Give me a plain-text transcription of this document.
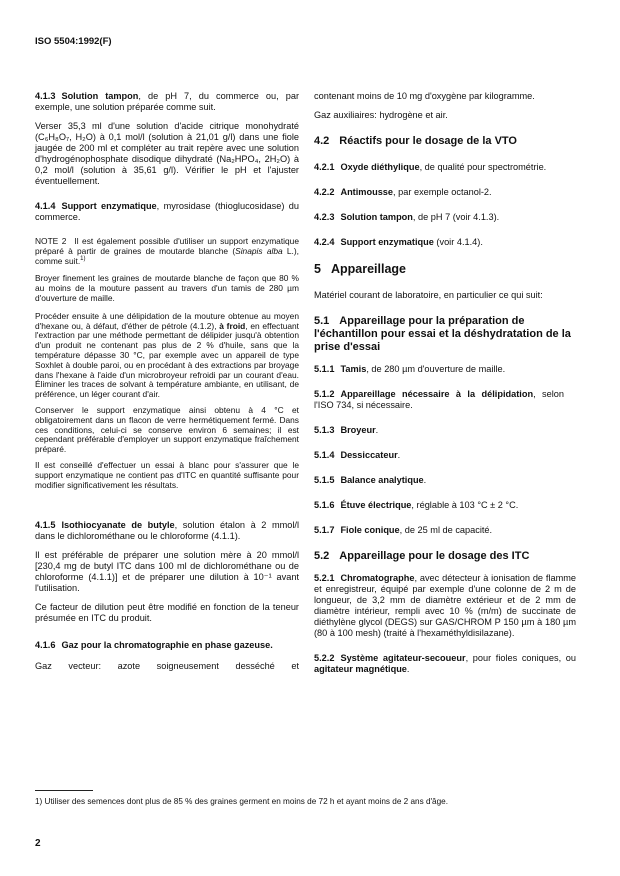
ISO 5504:1992(F)
4.1.3 Solution tampon, de pH 7, du commerce ou, par exemple, une solution préparée comme suit.
Verser 35,3 ml d'une solution d'acide citrique monohydraté (C₆H₈O₇, H₂O) à 0,1 mol/l (solution à 21,01 g/l) dans une fiole jaugée de 200 ml et compléter au trait repère avec une solution d'hydrogénophosphate disodique dihydraté (Na₂HPO₄, 2H₂O) à 0,2 mol/l (solution à 35,61 g/l). Vérifier le pH et l'ajuster éventuellement.
4.1.4 Support enzymatique, myrosidase (thioglucosidase) du commerce.
NOTE 2 Il est également possible d'utiliser un support enzymatique préparé à partir de graines de moutarde blanche (Sinapis alba L.), comme suit.$^{1)}$
Broyer finement les graines de moutarde blanche de façon que 80 % au moins de la mouture passent au travers d'un tamis de 280 µm d'ouverture de maille.
Procéder ensuite à une délipidation de la mouture obtenue au moyen d'hexane ou, à défaut, d'éther de pétrole (4.1.2), à froid, en effectuant l'extraction par une méthode permettant de délipider jusqu'à obtention d'un produit ne contenant pas plus de 2 % d'huile, sans que la température dépasse 30 °C, par exemple avec un appareil de type Soxhlet à double paroi, ou en procédant à des extractions par broyage dans l'hexane à l'aide d'un microbroyeur refroidi par un courant d'eau. Éliminer les traces de solvant à température ambiante, en utilisant, de préférence, un léger courant d'air.
Conserver le support enzymatique ainsi obtenu à 4 °C et obligatoirement dans un flacon de verre hermétiquement fermé. Dans ces conditions, celui-ci se conserve environ 6 semaines; il est cependant préférable d'employer un support enzymatique fraîchement préparé.
Il est conseillé d'effectuer un essai à blanc pour s'assurer que le support enzymatique ne contient pas d'ITC en quantité suffisante pour modifier significativement les résultats.
4.1.5 Isothiocyanate de butyle, solution étalon à 2 mmol/l dans le dichlorométhane ou le chloroforme (4.1.1).
Il est préférable de préparer une solution mère à 20 mmol/l [230,4 mg de butyl ITC dans 100 ml de dichlorométhane ou de chloroforme (4.1.1)] et de préparer une dilution à 10⁻¹ avant l'utilisation.
Ce facteur de dilution peut être modifié en fonction de la teneur présumée en ITC du produit.
4.1.6 Gaz pour la chromatographie en phase gazeuse.
Gaz vecteur: azote soigneusement desséché et
contenant moins de 10 mg d'oxygène par kilogramme.
Gaz auxiliaires: hydrogène et air.
4.2 Réactifs pour le dosage de la VTO
4.2.1 Oxyde diéthylique, de qualité pour spectrométrie.
4.2.2 Antimousse, par exemple octanol-2.
4.2.3 Solution tampon, de pH 7 (voir 4.1.3).
4.2.4 Support enzymatique (voir 4.1.4).
5 Appareillage
Matériel courant de laboratoire, en particulier ce qui suit:
5.1 Appareillage pour la préparation de l'échantillon pour essai et la déshydratation de la prise d'essai
5.1.1 Tamis, de 280 µm d'ouverture de maille.
5.1.2 Appareillage nécessaire à la délipidation, selon l'ISO 734, si nécessaire.
5.1.3 Broyeur.
5.1.4 Dessiccateur.
5.1.5 Balance analytique.
5.1.6 Étuve électrique, réglable à 103 °C ± 2 °C.
5.1.7 Fiole conique, de 25 ml de capacité.
5.2 Appareillage pour le dosage des ITC
5.2.1 Chromatographe, avec détecteur à ionisation de flamme et enregistreur, équipé par exemple d'une colonne de 2 m de longueur, de 3,2 mm de diamètre extérieur et de 2 mm de diamètre intérieur, rempli avec 10 % (m/m) de succinate de diéthylène glycol (DEGS) sur GAS/CHROM P 150 µm à 180 µm (80 à 100 mesh) (traité à l'hexaméthyldisilazane).
5.2.2 Système agitateur-secoueur, pour fioles coniques, ou agitateur magnétique.
1) Utiliser des semences dont plus de 85 % des graines germent en moins de 72 h et ayant moins de 2 ans d'âge.
2
